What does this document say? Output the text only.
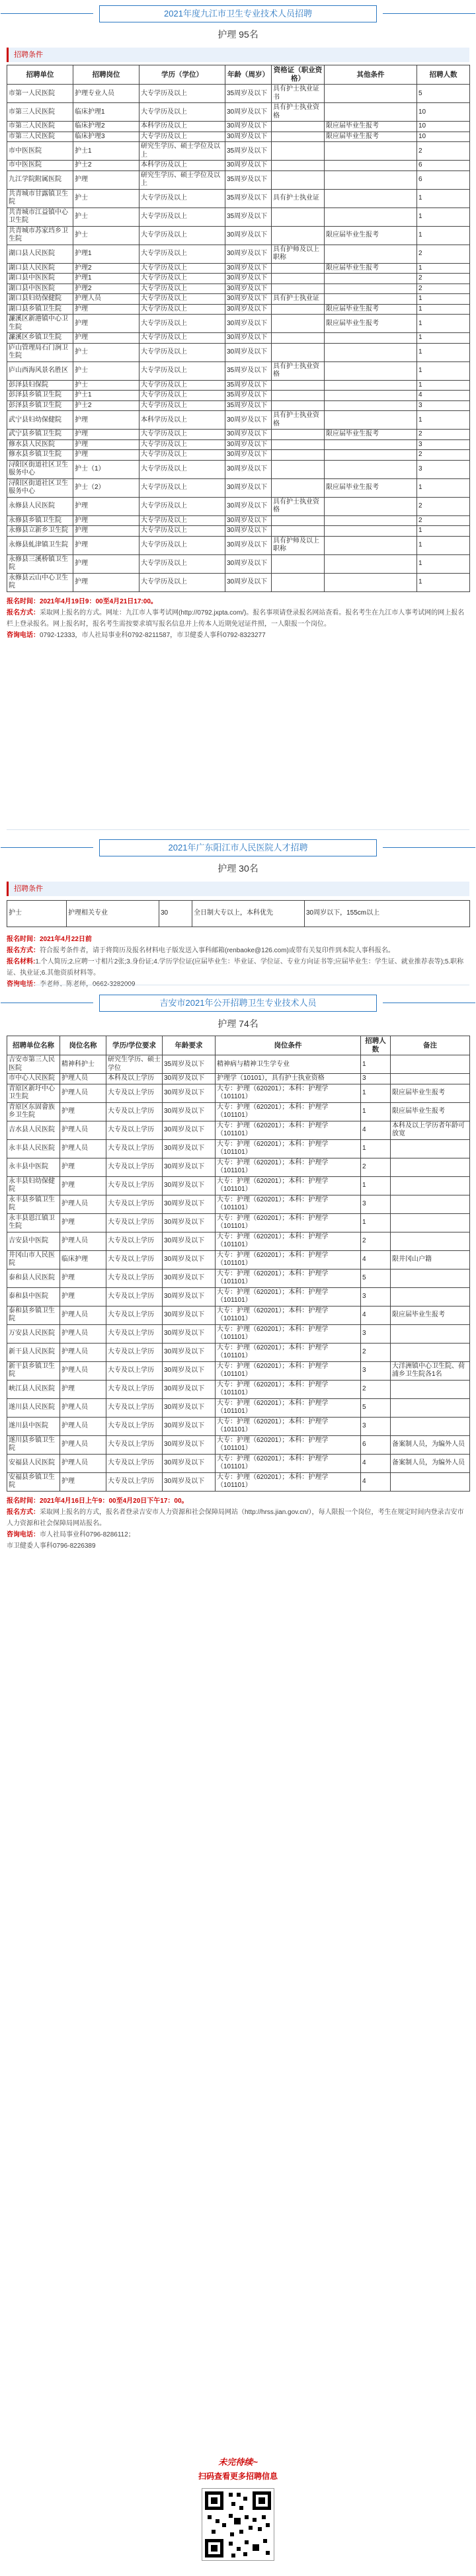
2021年度九江市卫生专业技术人员招聘
护理 95名
招聘条件
招聘单位	招聘岗位	学历（学位）	年龄（周岁）	资格证（职业资格）	其他条件	招聘人数
市第一人民医院	护理专业人员	大专学历及以上	35周岁及以下	具有护士执业证书		5
市第三人民医院	临床护理1	大专学历及以上	30周岁及以下	具有护士执业资格		10
市第三人民医院	临床护理2	本科学历及以上	30周岁及以下		限应届毕业生报考	10
市第三人民医院	临床护理3	大专学历及以上	30周岁及以下		限应届毕业生报考	10
市中医医院	护士1	研究生学历、硕士学位及以上	35周岁及以下			2
市中医医院	护士2	本科学历及以上	30周岁及以下			6
九江学院附属医院	护理	研究生学历、硕士学位及以上	35周岁及以下			6
共青城市甘露镇卫生院	护士	大专学历及以上	35周岁及以下	具有护士执业证		1
共青城市江益镇中心卫生院	护士	大专学历及以上	35周岁及以下			1
共青城市苏家垱乡卫生院	护士	大专学历及以上	30周岁及以下		限应届毕业生报考	1
湖口县人民医院	护理1	大专学历及以上	30周岁及以下	具有护师及以上职称		2
湖口县人民医院	护理2	大专学历及以上	30周岁及以下		限应届毕业生报考	1
湖口县中医医院	护理1	大专学历及以上	30周岁及以下			2
湖口县中医医院	护理2	大专学历及以上	30周岁及以下			2
湖口县妇幼保健院	护理人员	大专学历及以上	30周岁及以下	具有护士执业证		1
湖口县乡镇卫生院	护理	大专学历及以上	30周岁及以下		限应届毕业生报考	1
濂溪区新港镇中心卫生院	护理	大专学历及以上	30周岁及以下		限应届毕业生报考	1
濂溪区乡镇卫生院	护理	大专学历及以上	30周岁及以下			1
庐山管理局石门涧卫生院	护士	大专学历及以上	30周岁及以下			1
庐山西海风景名胜区	护士	大专学历及以上	35周岁及以下	具有护士执业资格		1
彭泽县妇保院	护士	大专学历及以上	35周岁及以下			1
彭泽县乡镇卫生院	护士1	大专学历及以上	35周岁及以下			4
彭泽县乡镇卫生院	护士2	大专学历及以上	35周岁及以下			3
武宁县妇幼保健院	护理	本科学历及以上	30周岁及以下	具有护士执业资格		1
武宁县乡镇卫生院	护理	大专学历及以上	30周岁及以下		限应届毕业生报考	2
修水县人民医院	护理	大专学历及以上	30周岁及以下			3
修水县乡镇卫生院	护理	大专学历及以上	30周岁及以下			2
浔阳区街道社区卫生服务中心	护士（1）	大专学历及以上	30周岁及以下			3
浔阳区街道社区卫生服务中心	护士（2）	大专学历及以上	30周岁及以下		限应届毕业生报考	1
永修县人民医院	护理	大专学历及以上	30周岁及以下	具有护士执业资格		2
永修县乡镇卫生院	护理	大专学历及以上	30周岁及以下			2
永修县立新乡卫生院	护理	大专学历及以上	30周岁及以下			1
永修县虬津镇卫生院	护理	大专学历及以上	30周岁及以下	具有护师及以上职称		1
永修县三溪桥镇卫生院	护理	大专学历及以上	30周岁及以下			1
永修县云山中心卫生院	护理	大专学历及以上	30周岁及以下			1
报名时间：2021年4月19日9：00至4月21日17:00。
报名方式：采取网上报名的方式。网址：九江市人事考试网(http://0792.jxpta.com/)。报名事项请登录报名网站查看。报名考生在九江市人事考试网的网上报名栏上登录报名。网上报名时，报名考生需按要求填写报名信息并上传本人近期免冠证件照，一人限报一个岗位。
咨询电话：0792-12333，市人社局事业科0792-8211587，市卫健委人事科0792-8323277
2021年广东阳江市人民医院人才招聘
护理 30名
招聘条件
护士	护理相关专业	30	全日制大专以上，本科优先	30周岁以下，155cm以上
报名时间：2021年4月22日前
报名方式：符合报考条件者，请于将简历及报名材料电子版发送入事科邮箱(renbaoke@126.com)或带有关复印件到本院人事科报名。
报名材料:1.个人简历;2.应聘一寸相片2张;3.身份证;4.学历学位证(应届毕业生：毕业证、学位证、专业方向证书等;应届毕业生：学生证、就业推荐表等);5.职称证、执业证;6.其他资质材料等。
吉安市2021年公开招聘卫生专业技术人员
护理 74名
招聘单位名称	岗位名称	学历/学位要求	年龄要求	岗位条件	招聘人数	备注
吉安市第三人民医院	精神科护士	研究生学历、硕士学位	35周岁及以下	精神病与精神卫生学专业	1	
市中心人民医院	护理人员	本科及以上学历	30周岁及以下	护理学（10101），具有护士执业资格	3	
青原区新圩中心卫生院	护理人员	大专及以上学历	30周岁及以下	大专：护理（620201）；本科：护理学（101101）	1	限应届毕业生报考
青原区东固畲族乡卫生院	护理	大专及以上学历	30周岁及以下	大专：护理（620201）；本科：护理学（101101）	1	限应届毕业生报考
吉水县人民医院	护理人员	大专及以上学历	30周岁及以下	大专：护理（620201）；本科：护理学（101101）	4	本科及以上学历者年龄可放宽
永丰县人民医院	护理人员	大专及以上学历	30周岁及以下	大专：护理（620201）；本科：护理学（101101）	1	
永丰县中医院	护理	大专及以上学历	30周岁及以下	大专：护理（620201）；本科：护理学（101101）	2	
永丰县妇幼保健院	护理	大专及以上学历	30周岁及以下	大专：护理（620201）；本科：护理学（101101）	1	
永丰县乡镇卫生院	护理人员	大专及以上学历	30周岁及以下	大专：护理（620201）；本科：护理学（101101）	3	
永丰县恩江镇卫生院	护理	大专及以上学历	30周岁及以下	大专：护理（620201）；本科：护理学（101101）	1	
吉安县中医院	护理人员	大专及以上学历	30周岁及以下	大专：护理（620201）；本科：护理学（101101）	2	
井冈山市人民医院	临床护理	大专及以上学历	30周岁及以下	大专：护理（620201）；本科：护理学（101101）	4	限井冈山户籍
泰和县人民医院	护理	大专及以上学历	30周岁及以下	大专：护理（620201）；本科：护理学（101101）	5	
泰和县中医院	护理	大专及以上学历	30周岁及以下	大专：护理（620201）；本科：护理学（101101）	3	
泰和县乡镇卫生院	护理人员	大专及以上学历	30周岁及以下	大专：护理（620201）；本科：护理学（101101）	4	限应届毕业生报考
万安县人民医院	护理人员	大专及以上学历	30周岁及以下	大专：护理（620201）；本科：护理学（101101）	3	
新干县人民医院	护理人员	大专及以上学历	30周岁及以下	大专：护理（620201）；本科：护理学（101101）	2	
新干县乡镇卫生院	护理人员	大专及以上学历	30周岁及以下	大专：护理（620201）；本科：护理学（101101）	3	大洋洲镇中心卫生院、荷浦乡卫生院各1名
峡江县人民医院	护理	大专及以上学历	30周岁及以下	大专：护理（620201）；本科：护理学（101101）	2	
遂川县人民医院	护理人员	大专及以上学历	30周岁及以下	大专：护理（620201）；本科：护理学（101101）	5	
遂川县中医院	护理人员	大专及以上学历	30周岁及以下	大专：护理（620201）；本科：护理学（101101）	3	
遂川县乡镇卫生院	护理人员	大专及以上学历	30周岁及以下	大专：护理（620201）；本科：护理学（101101）	6	备案制人员，为编外人员
安福县人民医院	护理人员	大专及以上学历	30周岁及以下	大专：护理（620201）；本科：护理学（101101）	4	备案制人员，为编外人员
安福县乡镇卫生院	护理	大专及以上学历	30周岁及以下	大专：护理（620201）；本科：护理学（101101）	4	
报名时间：2021年4月16日上午9：00至4月20日下午17：00。
报名方式：采取网上报名的方式，报名者登录吉安市人力资源和社会保障局网站（http://hrss.jian.gov.cn/），每人限报一个岗位，考生在规定时间内登录吉安市人力资源和社会保障局网站报名。
咨询电话：市人社局事业科0796-8286112；
市卫健委人事科0796-8226389
未完待续~
扫码查看更多招聘信息
